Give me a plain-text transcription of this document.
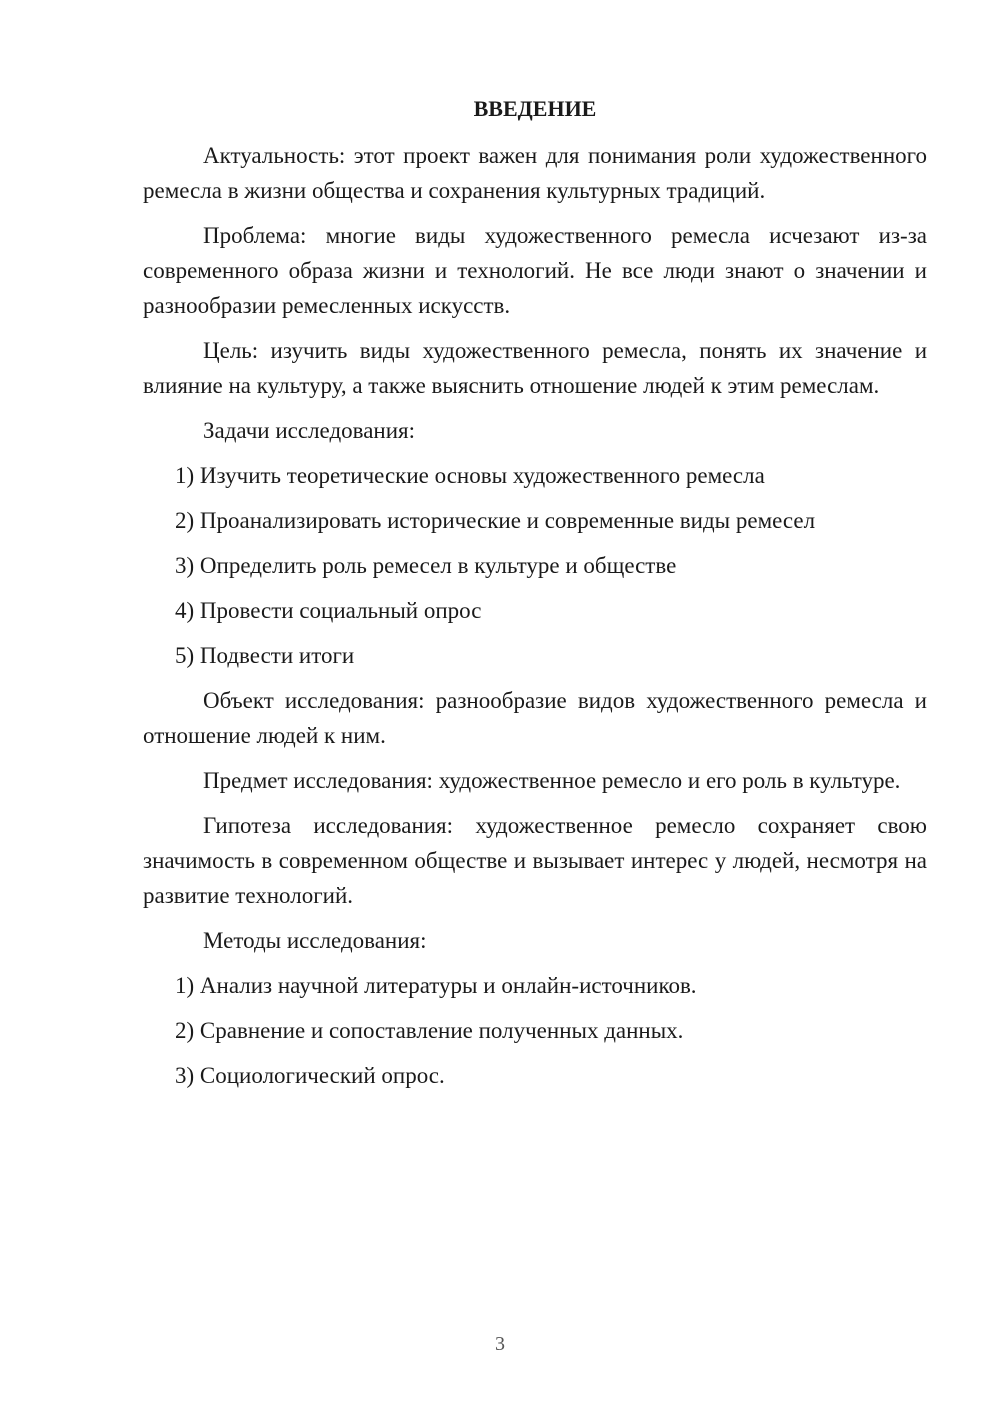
ВВЕДЕНИЕ

Актуальность: этот проект важен для понимания роли художественного ремесла в жизни общества и сохранения культурных традиций.

Проблема: многие виды художественного ремесла исчезают из-за современного образа жизни и технологий. Не все люди знают о значении и разнообразии ремесленных искусств.

Цель: изучить виды художественного ремесла, понять их значение и влияние на культуру, а также выяснить отношение людей к этим ремеслам.

Задачи исследования:

1) Изучить теоретические основы художественного ремесла

2) Проанализировать исторические и современные виды ремесел

3) Определить роль ремесел в культуре и обществе

4) Провести социальный опрос

5) Подвести итоги

Объект исследования: разнообразие видов художественного ремесла и отношение людей к ним.

Предмет исследования: художественное ремесло и его роль в культуре.

Гипотеза исследования: художественное ремесло сохраняет свою значимость в современном обществе и вызывает интерес у людей, несмотря на развитие технологий.

Методы исследования:

1) Анализ научной литературы и онлайн-источников.

2) Сравнение и сопоставление полученных данных.

3) Социологический опрос.

3
